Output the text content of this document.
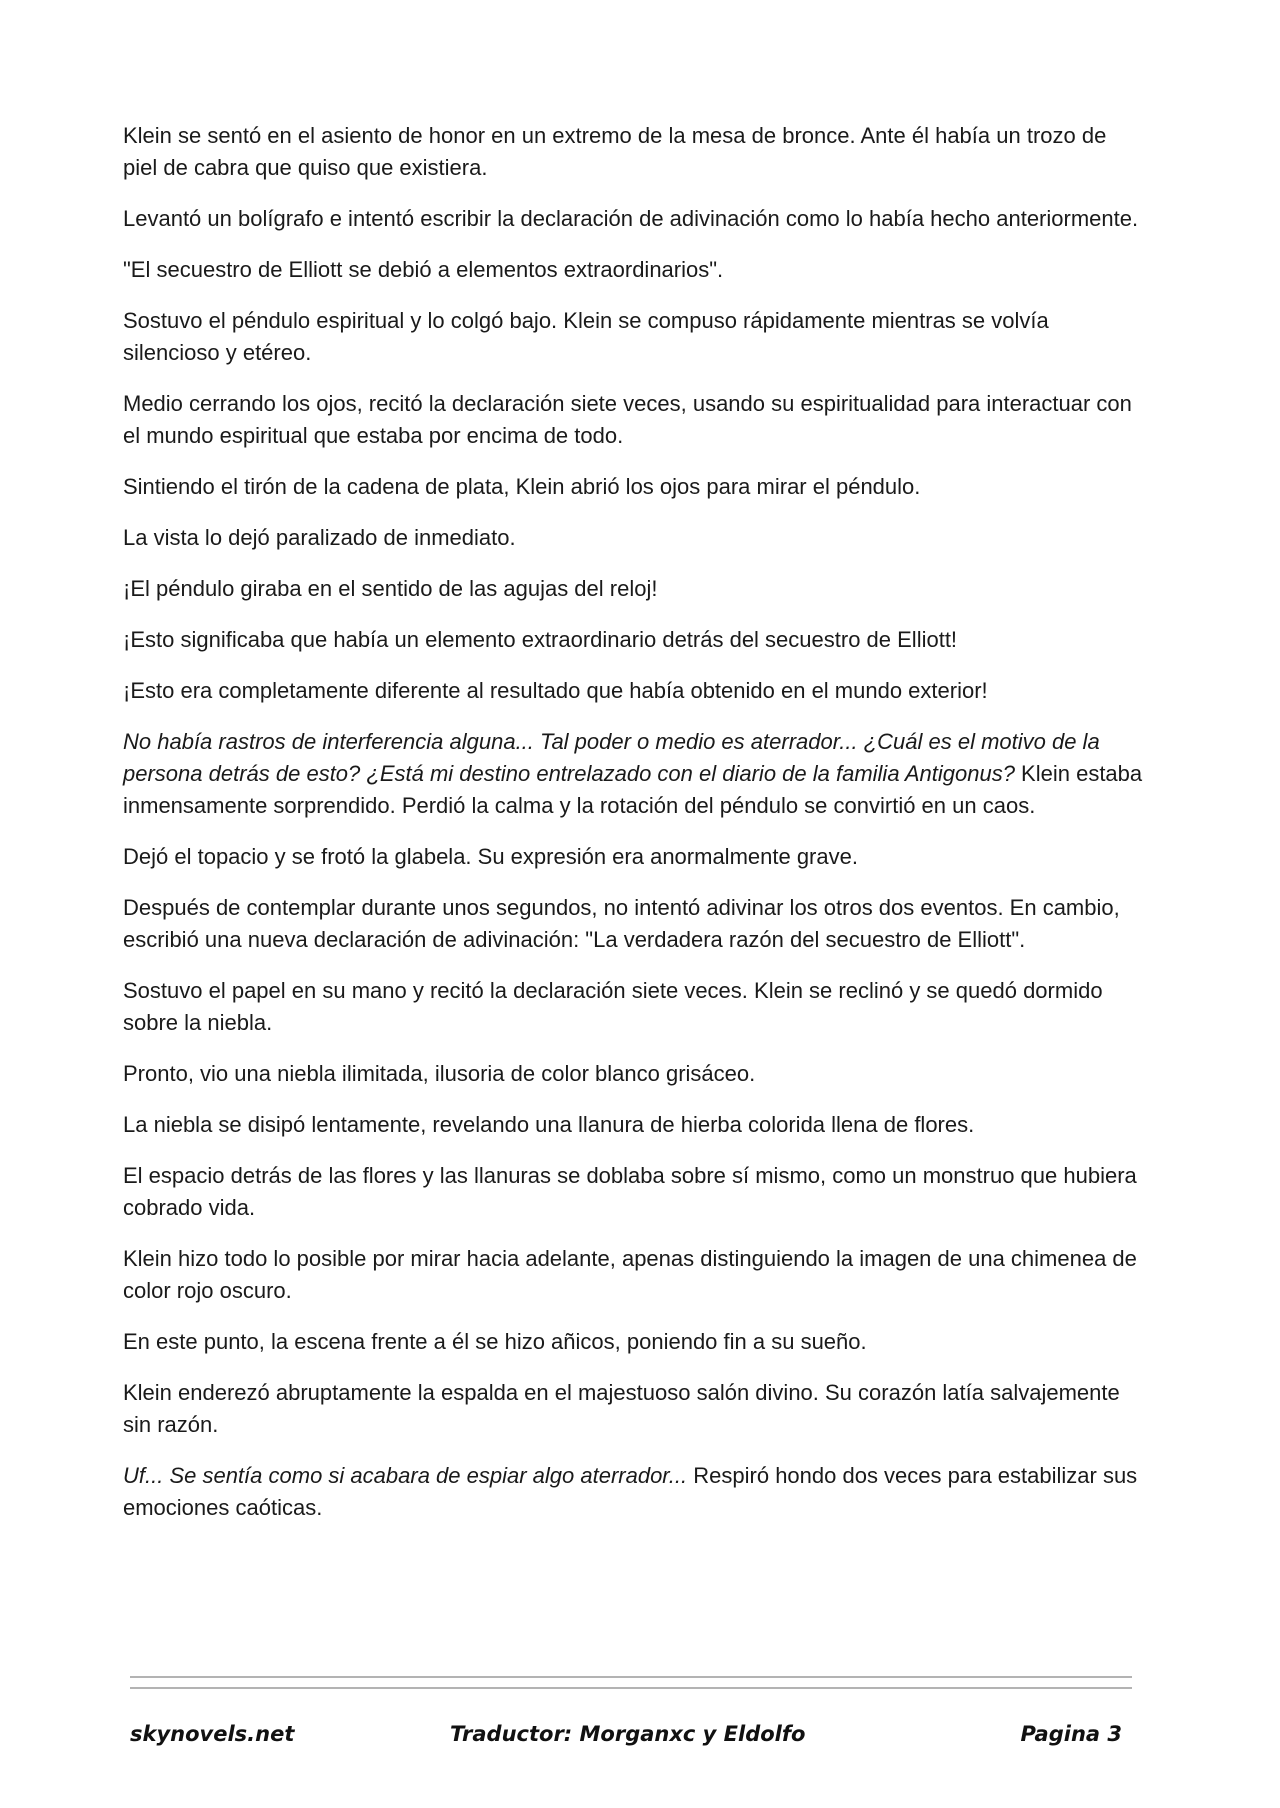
Klein se sentó en el asiento de honor en un extremo de la mesa de bronce. Ante él había un trozo de piel de cabra que quiso que existiera.

Levantó un bolígrafo e intentó escribir la declaración de adivinación como lo había hecho anteriormente.

"El secuestro de Elliott se debió a elementos extraordinarios".

Sostuvo el péndulo espiritual y lo colgó bajo. Klein se compuso rápidamente mientras se volvía silencioso y etéreo.

Medio cerrando los ojos, recitó la declaración siete veces, usando su espiritualidad para interactuar con el mundo espiritual que estaba por encima de todo.

Sintiendo el tirón de la cadena de plata, Klein abrió los ojos para mirar el péndulo.

La vista lo dejó paralizado de inmediato.

¡El péndulo giraba en el sentido de las agujas del reloj!

¡Esto significaba que había un elemento extraordinario detrás del secuestro de Elliott!

¡Esto era completamente diferente al resultado que había obtenido en el mundo exterior!

No había rastros de interferencia alguna... Tal poder o medio es aterrador... ¿Cuál es el motivo de la persona detrás de esto? ¿Está mi destino entrelazado con el diario de la familia Antigonus? Klein estaba inmensamente sorprendido. Perdió la calma y la rotación del péndulo se convirtió en un caos.

Dejó el topacio y se frotó la glabela. Su expresión era anormalmente grave.

Después de contemplar durante unos segundos, no intentó adivinar los otros dos eventos. En cambio, escribió una nueva declaración de adivinación: "La verdadera razón del secuestro de Elliott".

Sostuvo el papel en su mano y recitó la declaración siete veces. Klein se reclinó y se quedó dormido sobre la niebla.

Pronto, vio una niebla ilimitada, ilusoria de color blanco grisáceo.

La niebla se disipó lentamente, revelando una llanura de hierba colorida llena de flores.

El espacio detrás de las flores y las llanuras se doblaba sobre sí mismo, como un monstruo que hubiera cobrado vida.

Klein hizo todo lo posible por mirar hacia adelante, apenas distinguiendo la imagen de una chimenea de color rojo oscuro.

En este punto, la escena frente a él se hizo añicos, poniendo fin a su sueño.

Klein enderezó abruptamente la espalda en el majestuoso salón divino. Su corazón latía salvajemente sin razón.

Uf... Se sentía como si acabara de espiar algo aterrador... Respiró hondo dos veces para estabilizar sus emociones caóticas.

skynovels.net	Traductor: Morganxc y Eldolfo	Pagina 3
